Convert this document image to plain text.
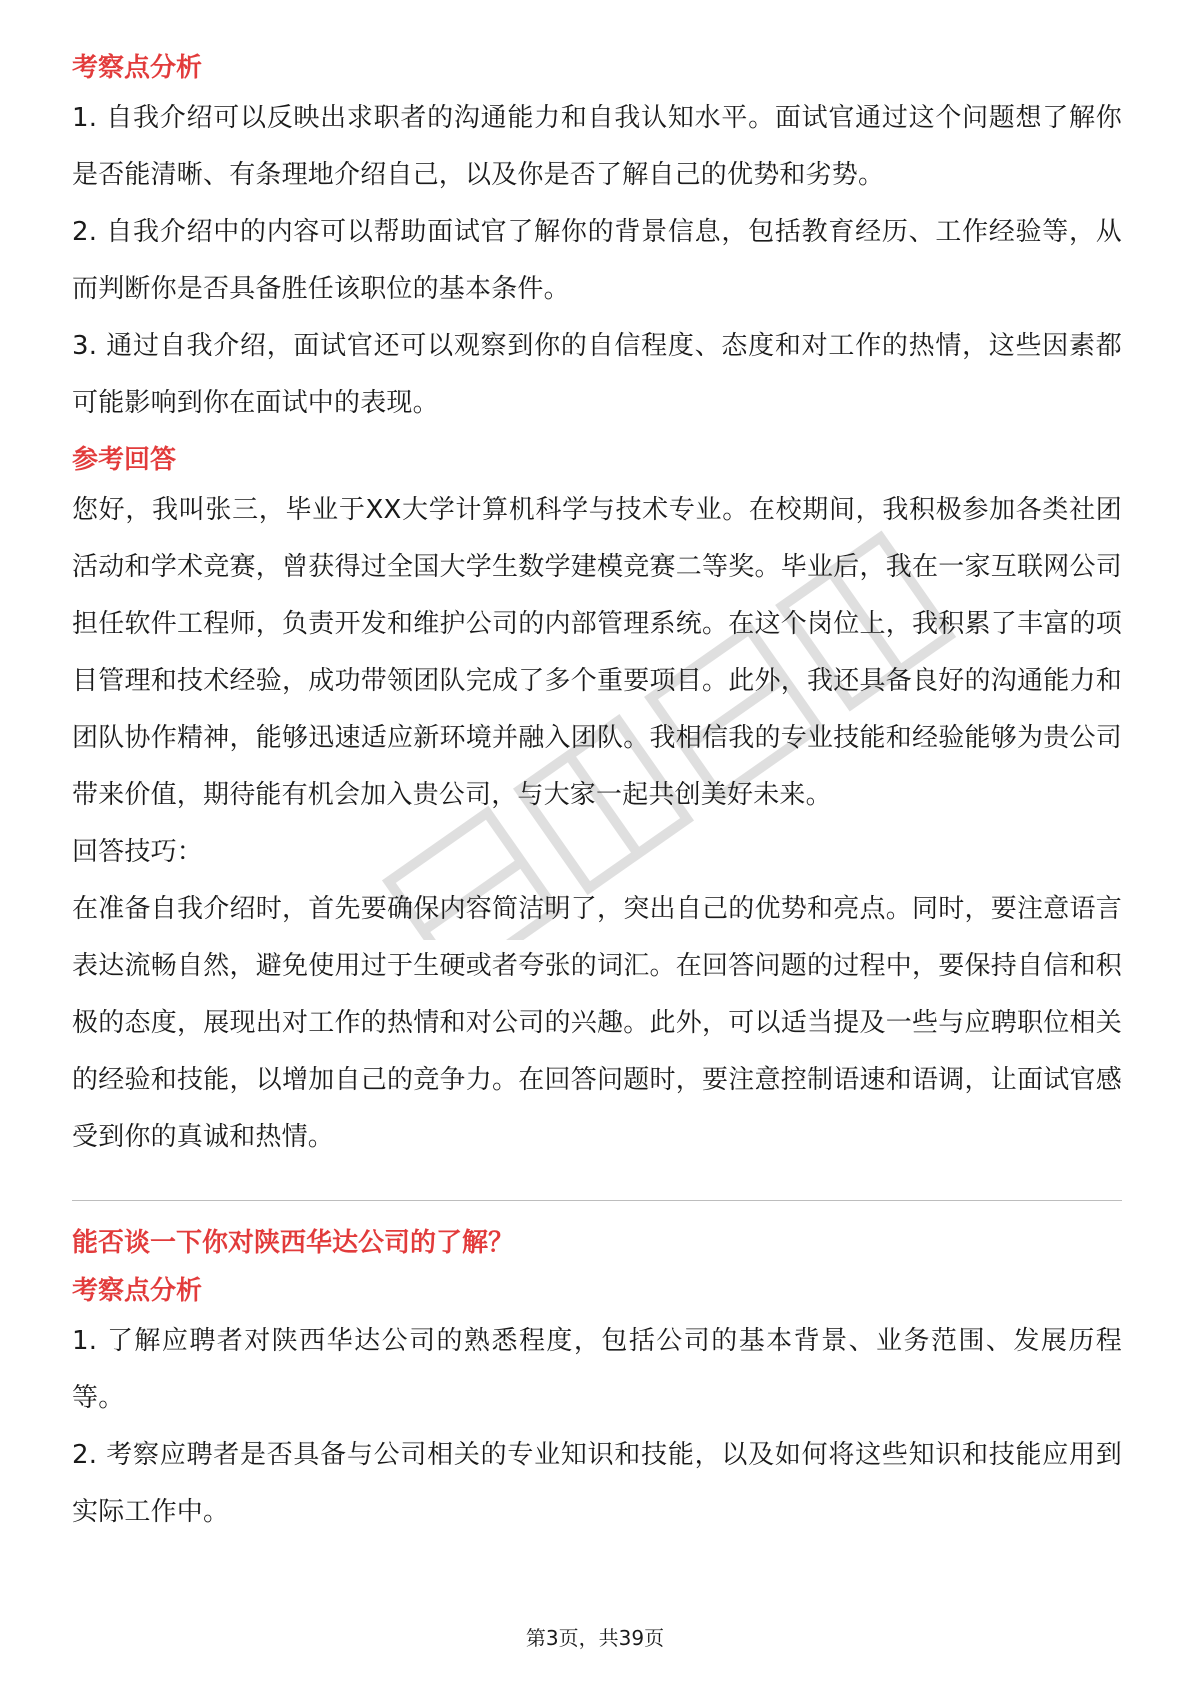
考察点分析

1. 自我介绍可以反映出求职者的沟通能力和自我认知水平。面试官通过这个问题想了解你是否能清晰、有条理地介绍自己，以及你是否了解自己的优势和劣势。

2. 自我介绍中的内容可以帮助面试官了解你的背景信息，包括教育经历、工作经验等，从而判断你是否具备胜任该职位的基本条件。

3. 通过自我介绍，面试官还可以观察到你的自信程度、态度和对工作的热情，这些因素都可能影响到你在面试中的表现。

参考回答

您好，我叫张三，毕业于XX大学计算机科学与技术专业。在校期间，我积极参加各类社团活动和学术竞赛，曾获得过全国大学生数学建模竞赛二等奖。毕业后，我在一家互联网公司担任软件工程师，负责开发和维护公司的内部管理系统。在这个岗位上，我积累了丰富的项目管理和技术经验，成功带领团队完成了多个重要项目。此外，我还具备良好的沟通能力和团队协作精神，能够迅速适应新环境并融入团队。我相信我的专业技能和经验能够为贵公司带来价值，期待能有机会加入贵公司，与大家一起共创美好未来。

回答技巧：

在准备自我介绍时，首先要确保内容简洁明了，突出自己的优势和亮点。同时，要注意语言表达流畅自然，避免使用过于生硬或者夸张的词汇。在回答问题的过程中，要保持自信和积极的态度，展现出对工作的热情和对公司的兴趣。此外，可以适当提及一些与应聘职位相关的经验和技能，以增加自己的竞争力。在回答问题时，要注意控制语速和语调，让面试官感受到你的真诚和热情。

能否谈一下你对陕西华达公司的了解？
考察点分析

1. 了解应聘者对陕西华达公司的熟悉程度，包括公司的基本背景、业务范围、发展历程等。

2. 考察应聘者是否具备与公司相关的专业知识和技能，以及如何将这些知识和技能应用到实际工作中。

第3页，共39页
